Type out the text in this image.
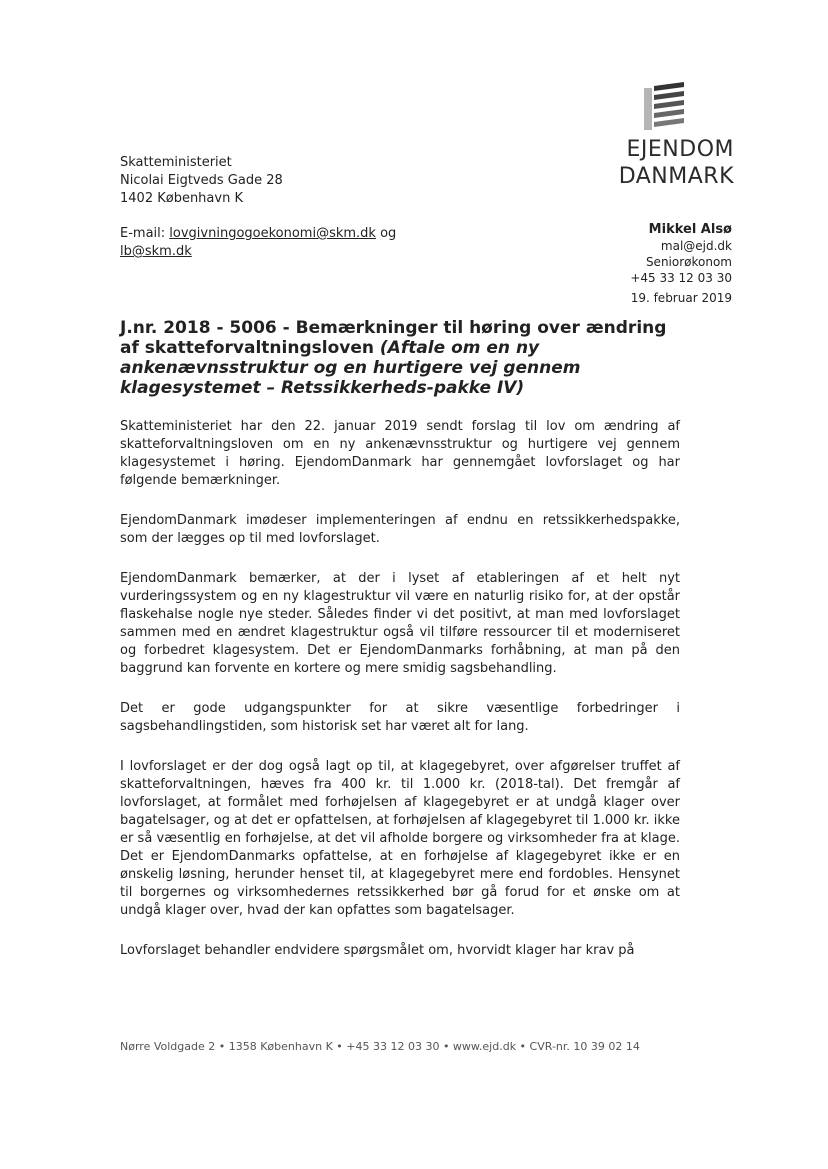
EJENDOM
DANMARK
Skatteministeriet
Nicolai Eigtveds Gade 28
1402 København K
E-mail: lovgivningogoekonomi@skm.dk og
lb@skm.dk
Mikkel Alsø
mal@ejd.dk
Seniorøkonom
+45 33 12 03 30
19. februar 2019
J.nr. 2018 - 5006 - Bemærkninger til høring over ændring af skatteforvaltningsloven (Aftale om en ny ankenævnsstruktur og en hurtigere vej gennem klagesystemet – Retssikkerheds-pakke IV)

Skatteministeriet har den 22. januar 2019 sendt forslag til lov om ændring af skatteforvaltningsloven om en ny ankenævnsstruktur og hurtigere vej gennem klagesystemet i høring. EjendomDanmark har gennemgået lovforslaget og har følgende bemærkninger.

EjendomDanmark imødeser implementeringen af endnu en retssikkerhedspakke, som der lægges op til med lovforslaget.

EjendomDanmark bemærker, at der i lyset af etableringen af et helt nyt vurderingssystem og en ny klagestruktur vil være en naturlig risiko for, at der opstår flaskehalse nogle nye steder. Således finder vi det positivt, at man med lovforslaget sammen med en ændret klagestruktur også vil tilføre ressourcer til et moderniseret og forbedret klagesystem. Det er EjendomDanmarks forhåbning, at man på den baggrund kan forvente en kortere og mere smidig sagsbehandling.

Det er gode udgangspunkter for at sikre væsentlige forbedringer i sagsbehandlingstiden, som historisk set har været alt for lang.

I lovforslaget er der dog også lagt op til, at klagegebyret, over afgørelser truffet af skatteforvaltningen, hæves fra 400 kr. til 1.000 kr. (2018-tal). Det fremgår af lovforslaget, at formålet med forhøjelsen af klagegebyret er at undgå klager over bagatelsager, og at det er opfattelsen, at forhøjelsen af klagegebyret til 1.000 kr. ikke er så væsentlig en forhøjelse, at det vil afholde borgere og virksomheder fra at klage. Det er EjendomDanmarks opfattelse, at en forhøjelse af klagegebyret ikke er en ønskelig løsning, herunder henset til, at klagegebyret mere end fordobles. Hensynet til borgernes og virksomhedernes retssikkerhed bør gå forud for et ønske om at undgå klager over, hvad der kan opfattes som bagatelsager.

Lovforslaget behandler endvidere spørgsmålet om, hvorvidt klager har krav på

Nørre Voldgade 2 • 1358 København K • +45 33 12 03 30 • www.ejd.dk • CVR-nr. 10 39 02 14
